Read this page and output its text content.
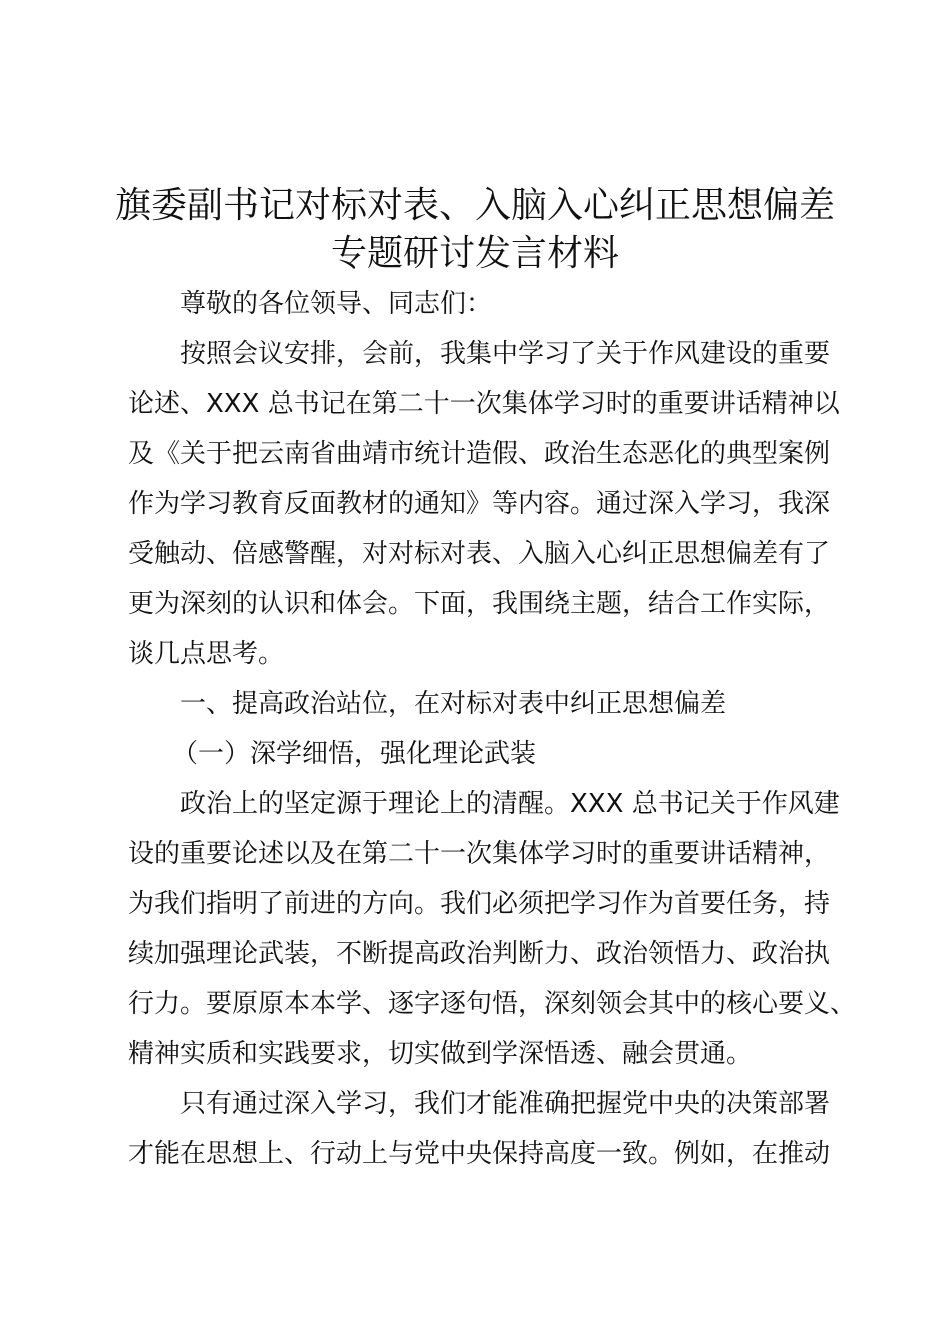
旗委副书记对标对表、入脑入心纠正思想偏差
专题研讨发言材料
尊敬的各位领导、同志们：
按照会议安排，会前，我集中学习了关于作风建设的重要
论述、XXX 总书记在第二十一次集体学习时的重要讲话精神以
及《关于把云南省曲靖市统计造假、政治生态恶化的典型案例
作为学习教育反面教材的通知》等内容。通过深入学习，我深
受触动、倍感警醒，对对标对表、入脑入心纠正思想偏差有了
更为深刻的认识和体会。下面，我围绕主题，结合工作实际，
谈几点思考。
一、提高政治站位，在对标对表中纠正思想偏差
（一）深学细悟，强化理论武装
政治上的坚定源于理论上的清醒。XXX 总书记关于作风建
设的重要论述以及在第二十一次集体学习时的重要讲话精神，
为我们指明了前进的方向。我们必须把学习作为首要任务，持
续加强理论武装，不断提高政治判断力、政治领悟力、政治执
行力。要原原本本学、逐字逐句悟，深刻领会其中的核心要义、
精神实质和实践要求，切实做到学深悟透、融会贯通。
只有通过深入学习，我们才能准确把握党中央的决策部署
才能在思想上、行动上与党中央保持高度一致。例如，在推动
